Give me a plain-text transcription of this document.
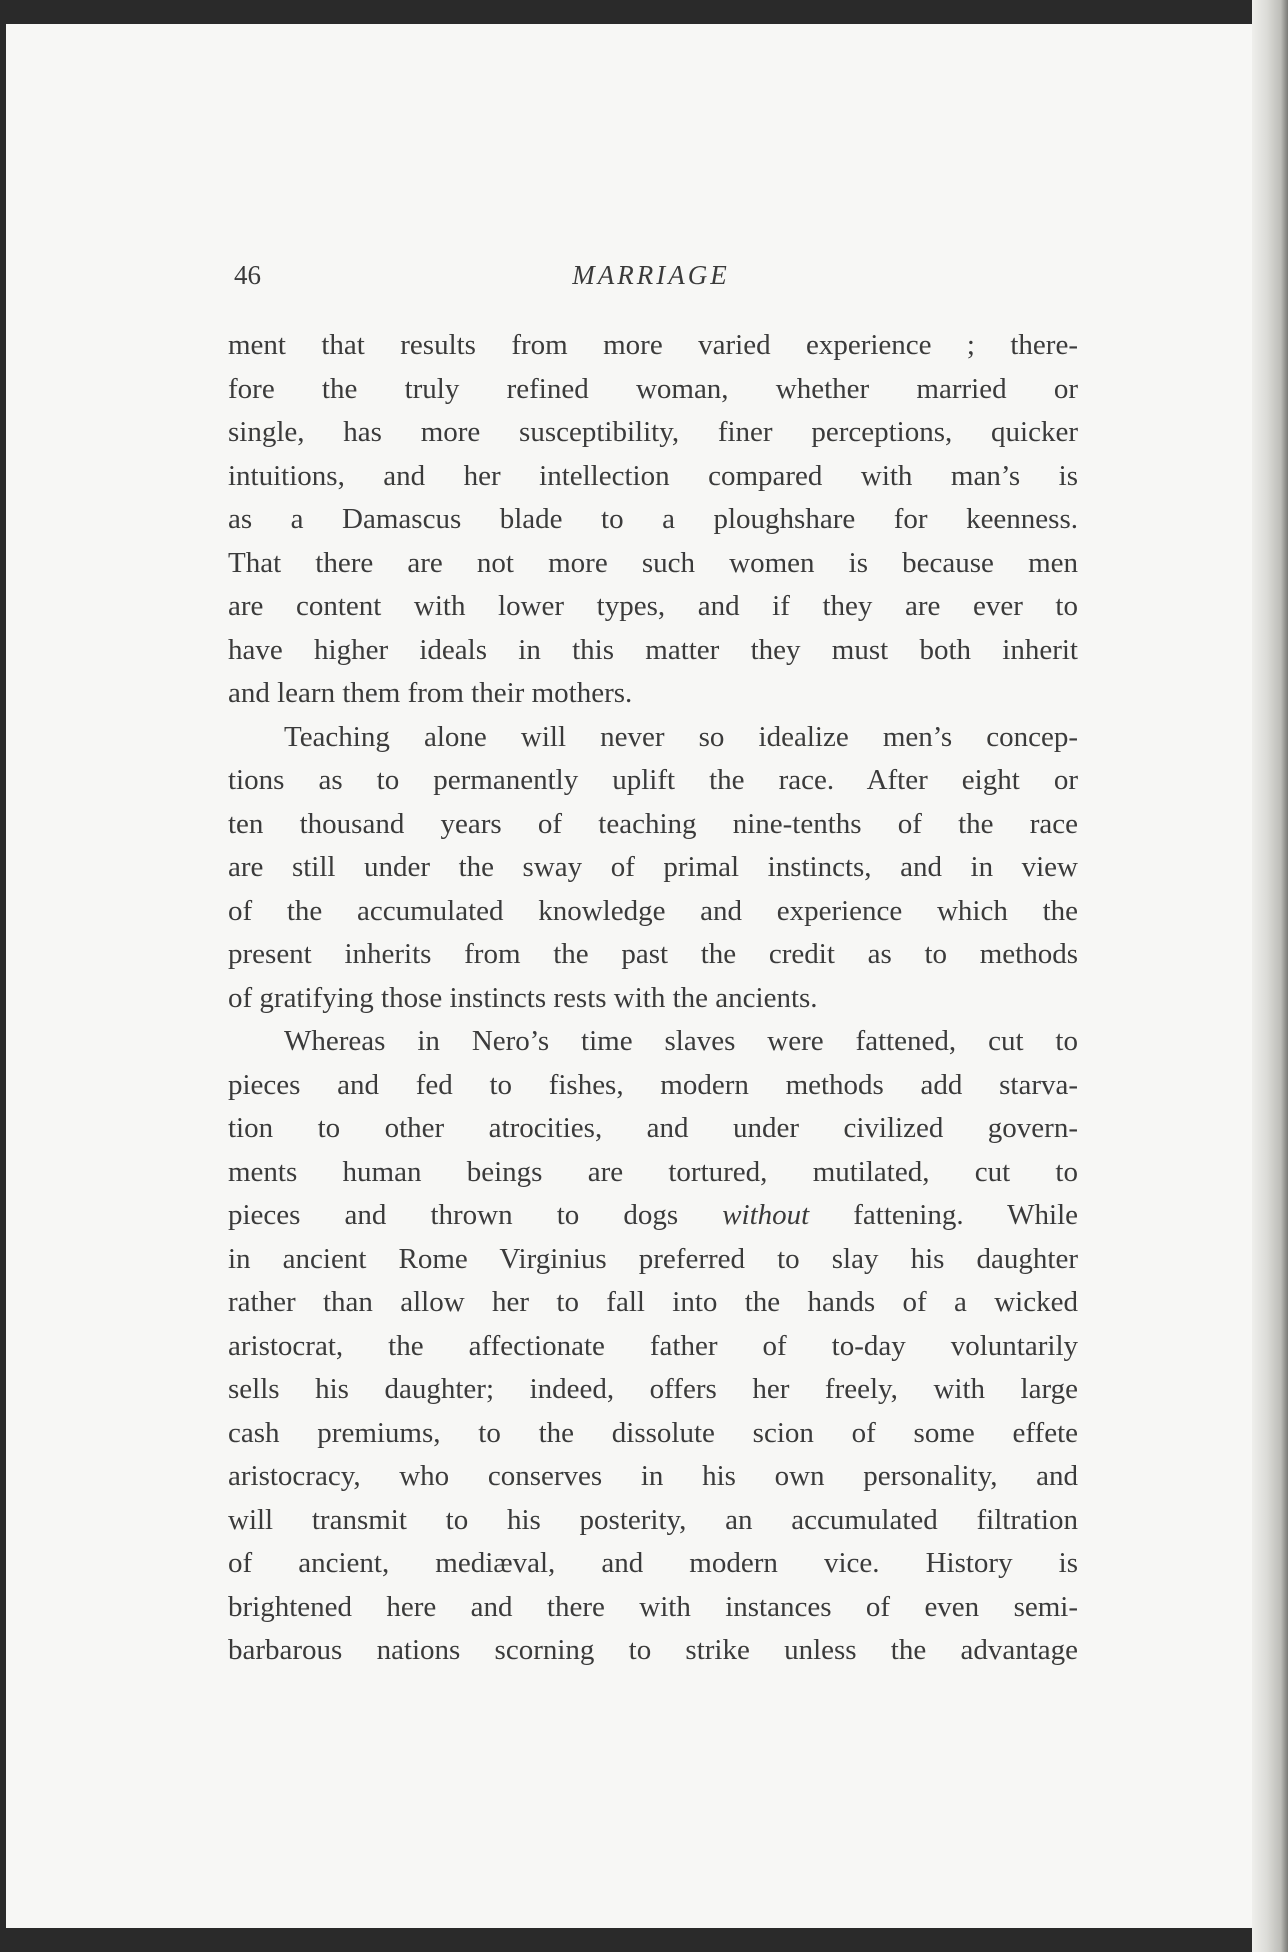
46	MARRIAGE
ment that results from more varied experience ; there-
fore the truly refined woman, whether married or
single, has more susceptibility, finer perceptions, quicker
intuitions, and her intellection compared with man’s is
as a Damascus blade to a ploughshare for keenness.
That there are not more such women is because men
are content with lower types, and if they are ever to
have higher ideals in this matter they must both inherit
and learn them from their mothers.
Teaching alone will never so idealize men’s concep-
tions as to permanently uplift the race. After eight or
ten thousand years of teaching nine-tenths of the race
are still under the sway of primal instincts, and in view
of the accumulated knowledge and experience which the
present inherits from the past the credit as to methods
of gratifying those instincts rests with the ancients.
Whereas in Nero’s time slaves were fattened, cut to
pieces and fed to fishes, modern methods add starva-
tion to other atrocities, and under civilized govern-
ments human beings are tortured, mutilated, cut to
pieces and thrown to dogs without fattening. While
in ancient Rome Virginius preferred to slay his daughter
rather than allow her to fall into the hands of a wicked
aristocrat, the affectionate father of to-day voluntarily
sells his daughter; indeed, offers her freely, with large
cash premiums, to the dissolute scion of some effete
aristocracy, who conserves in his own personality, and
will transmit to his posterity, an accumulated filtration
of ancient, mediæval, and modern vice. History is
brightened here and there with instances of even semi-
barbarous nations scorning to strike unless the advantage
